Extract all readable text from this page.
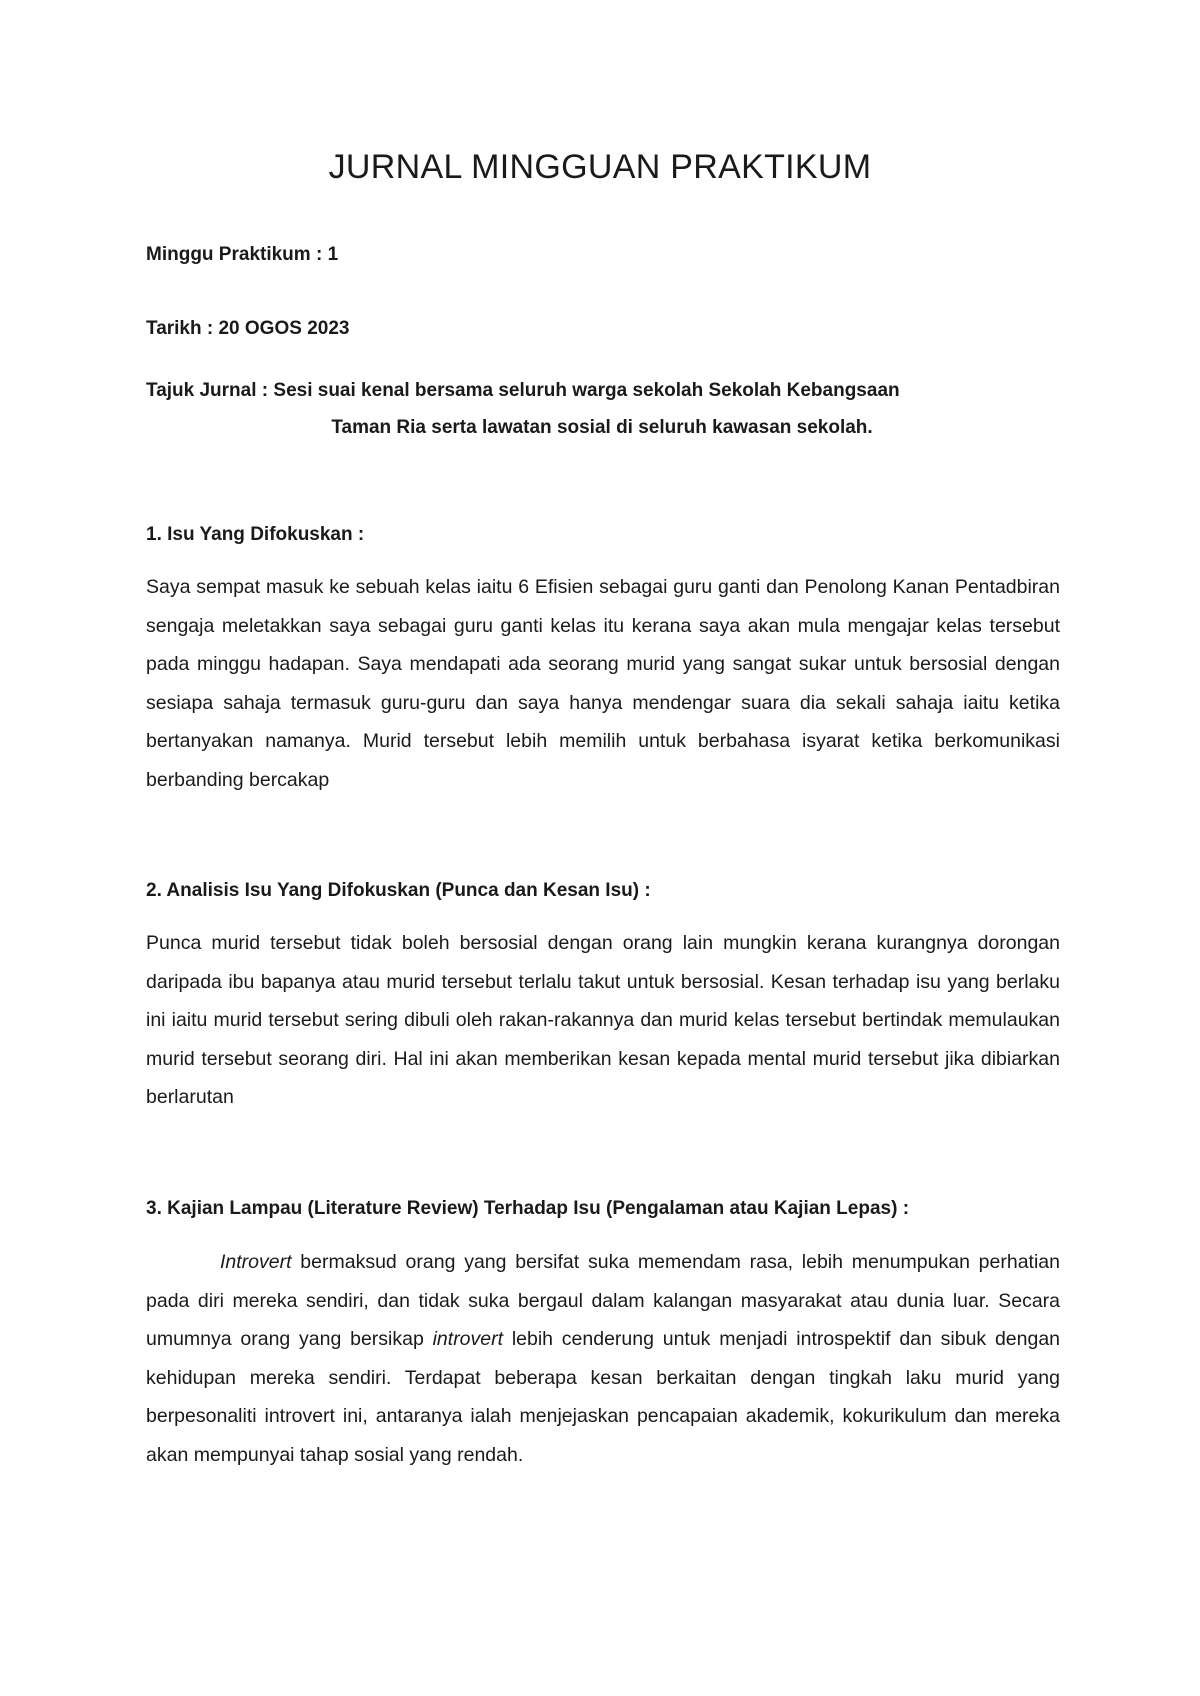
JURNAL MINGGUAN PRAKTIKUM

Minggu Praktikum : 1

Tarikh : 20 OGOS 2023

Tajuk Jurnal : Sesi suai kenal bersama seluruh warga sekolah Sekolah Kebangsaan
Taman Ria serta lawatan sosial di seluruh kawasan sekolah.

1. Isu Yang Difokuskan :

Saya sempat masuk ke sebuah kelas iaitu 6 Efisien sebagai guru ganti dan Penolong Kanan Pentadbiran sengaja meletakkan saya sebagai guru ganti kelas itu kerana saya akan mula mengajar kelas tersebut pada minggu hadapan. Saya mendapati ada seorang murid yang sangat sukar untuk bersosial dengan sesiapa sahaja termasuk guru-guru dan saya hanya mendengar suara dia sekali sahaja iaitu ketika bertanyakan namanya. Murid tersebut lebih memilih untuk berbahasa isyarat ketika berkomunikasi berbanding bercakap

2. Analisis Isu Yang Difokuskan (Punca dan Kesan Isu) :

Punca murid tersebut tidak boleh bersosial dengan orang lain mungkin kerana kurangnya dorongan daripada ibu bapanya atau murid tersebut terlalu takut untuk bersosial. Kesan terhadap isu yang berlaku ini iaitu murid tersebut sering dibuli oleh rakan-rakannya dan murid kelas tersebut bertindak memulaukan murid tersebut seorang diri. Hal ini akan memberikan kesan kepada mental murid tersebut jika dibiarkan berlarutan

3. Kajian Lampau (Literature Review) Terhadap Isu (Pengalaman atau Kajian Lepas) :

Introvert bermaksud orang yang bersifat suka memendam rasa, lebih menumpukan perhatian pada diri mereka sendiri, dan tidak suka bergaul dalam kalangan masyarakat atau dunia luar. Secara umumnya orang yang bersikap introvert lebih cenderung untuk menjadi introspektif dan sibuk dengan kehidupan mereka sendiri. Terdapat beberapa kesan berkaitan dengan tingkah laku murid yang berpesonaliti introvert ini, antaranya ialah menjejaskan pencapaian akademik, kokurikulum dan mereka akan mempunyai tahap sosial yang rendah.
